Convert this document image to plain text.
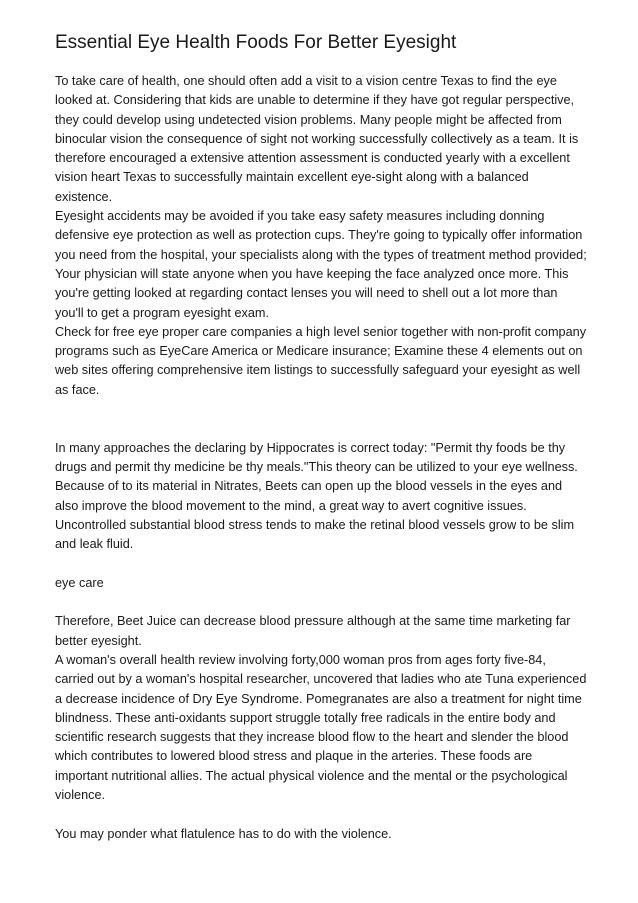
Essential Eye Health Foods For Better Eyesight

To take care of health, one should often add a visit to a vision centre Texas to find the eye looked at. Considering that kids are unable to determine if they have got regular perspective, they could develop using undetected vision problems. Many people might be affected from binocular vision the consequence of sight not working successfully collectively as a team. It is therefore encouraged a extensive attention assessment is conducted yearly with a excellent vision heart Texas to successfully maintain excellent eye-sight along with a balanced existence.

Eyesight accidents may be avoided if you take easy safety measures including donning defensive eye protection as well as protection cups. They're going to typically offer information you need from the hospital, your specialists along with the types of treatment method provided;

Your physician will state anyone when you have keeping the face analyzed once more. This you're getting looked at regarding contact lenses you will need to shell out a lot more than you'll to get a program eyesight exam.

Check for free eye proper care companies a high level senior together with non-profit company programs such as EyeCare America or Medicare insurance; Examine these 4 elements out on web sites offering comprehensive item listings to successfully safeguard your eyesight as well as face.

In many approaches the declaring by Hippocrates is correct today: "Permit thy foods be thy drugs and permit thy medicine be thy meals."This theory can be utilized to your eye wellness. Because of to its material in Nitrates, Beets can open up the blood vessels in the eyes and also improve the blood movement to the mind, a great way to avert cognitive issues. Uncontrolled substantial blood stress tends to make the retinal blood vessels grow to be slim and leak fluid.

eye care

Therefore, Beet Juice can decrease blood pressure although at the same time marketing far better eyesight.

A woman's overall health review involving forty,000 woman pros from ages forty five-84, carried out by a woman's hospital researcher, uncovered that ladies who ate Tuna experienced a decrease incidence of Dry Eye Syndrome. Pomegranates are also a treatment for night time blindness. These anti-oxidants support struggle totally free radicals in the entire body and scientific research suggests that they increase blood flow to the heart and slender the blood which contributes to lowered blood stress and plaque in the arteries. These foods are important nutritional allies. The actual physical violence and the mental or the psychological violence.

You may ponder what flatulence has to do with the violence.
